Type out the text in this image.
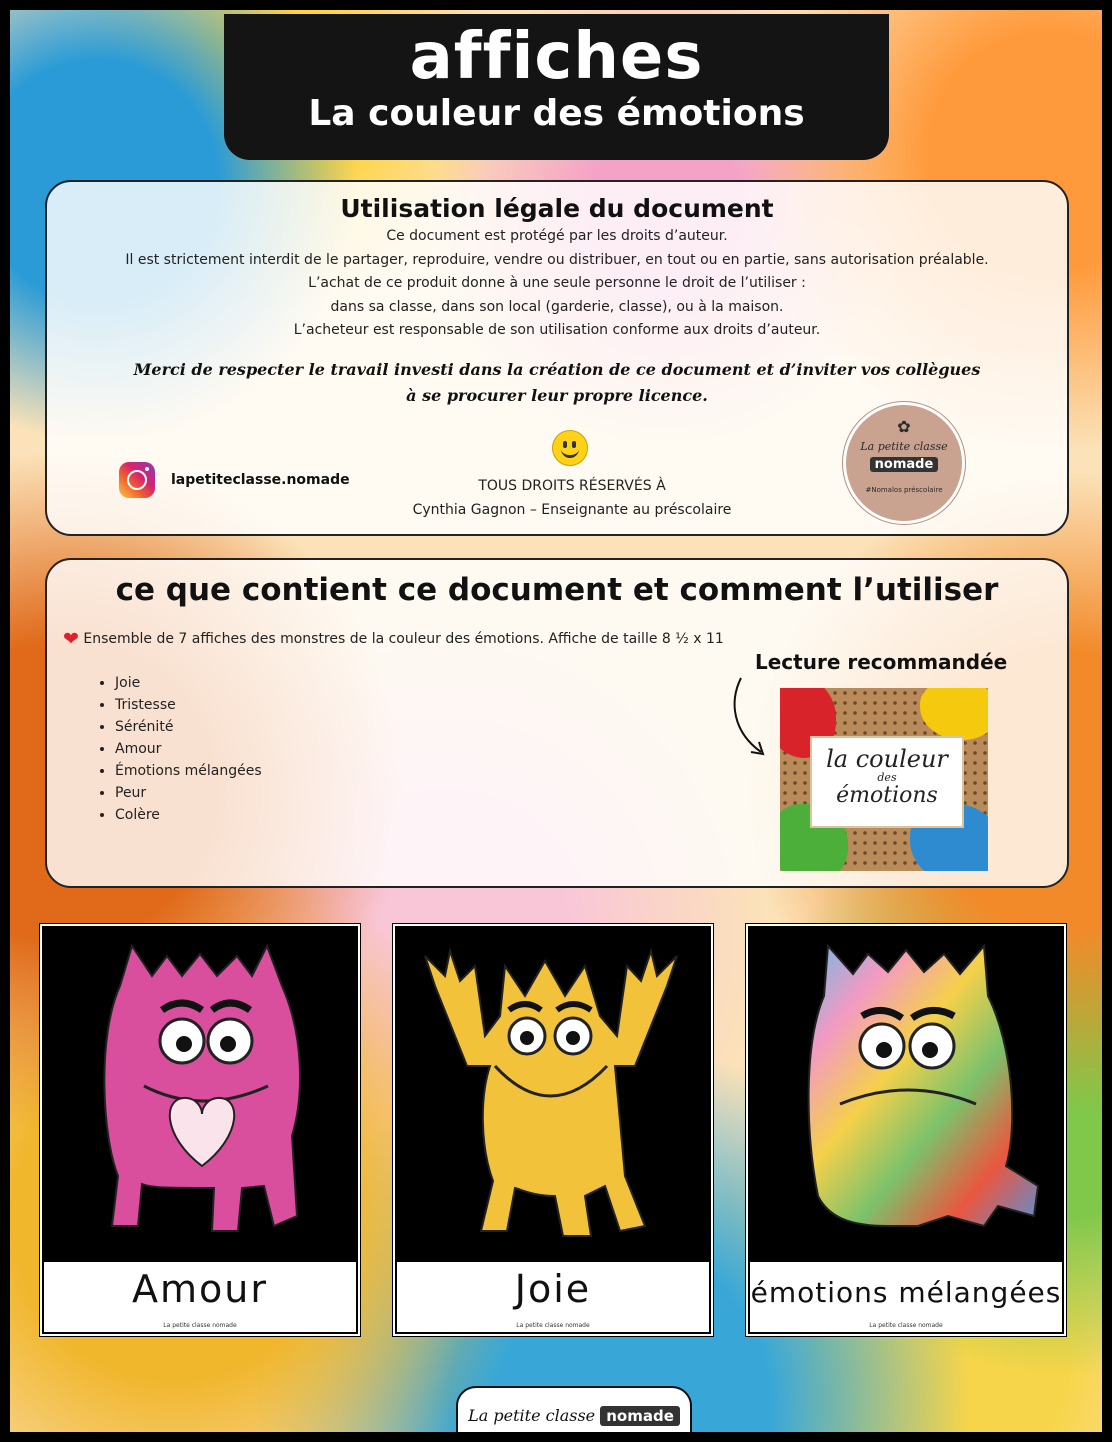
affiches
La couleur des émotions
Utilisation légale du document
Ce document est protégé par les droits d’auteur.
Il est strictement interdit de le partager, reproduire, vendre ou distribuer, en tout ou en partie, sans autorisation préalable.
L’achat de ce produit donne à une seule personne le droit de l’utiliser :
dans sa classe, dans son local (garderie, classe), ou à la maison.
L’acheteur est responsable de son utilisation conforme aux droits d’auteur.
Merci de respecter le travail investi dans la création de ce document et d’inviter vos collègues
à se procurer leur propre licence.
lapetiteclasse.nomade	TOUS DROITS RÉSERVÉS À
Cynthia Gagnon – Enseignante au préscolaire
✿
La petite classe
nomade
#Nomalos préscolaire
ce que contient ce document et comment l’utiliser
❤ Ensemble de 7 affiches des monstres de la couleur des émotions. Affiche de taille 8 ½ x 11
• Joie
• Tristesse
• Sérénité
• Amour
• Émotions mélangées
• Peur
• Colère
Lecture recommandée
la couleur
des
émotions
Amour
La petite classe nomade
Joie
La petite classe nomade
émotions mélangées
La petite classe nomade
La petite classe nomade
